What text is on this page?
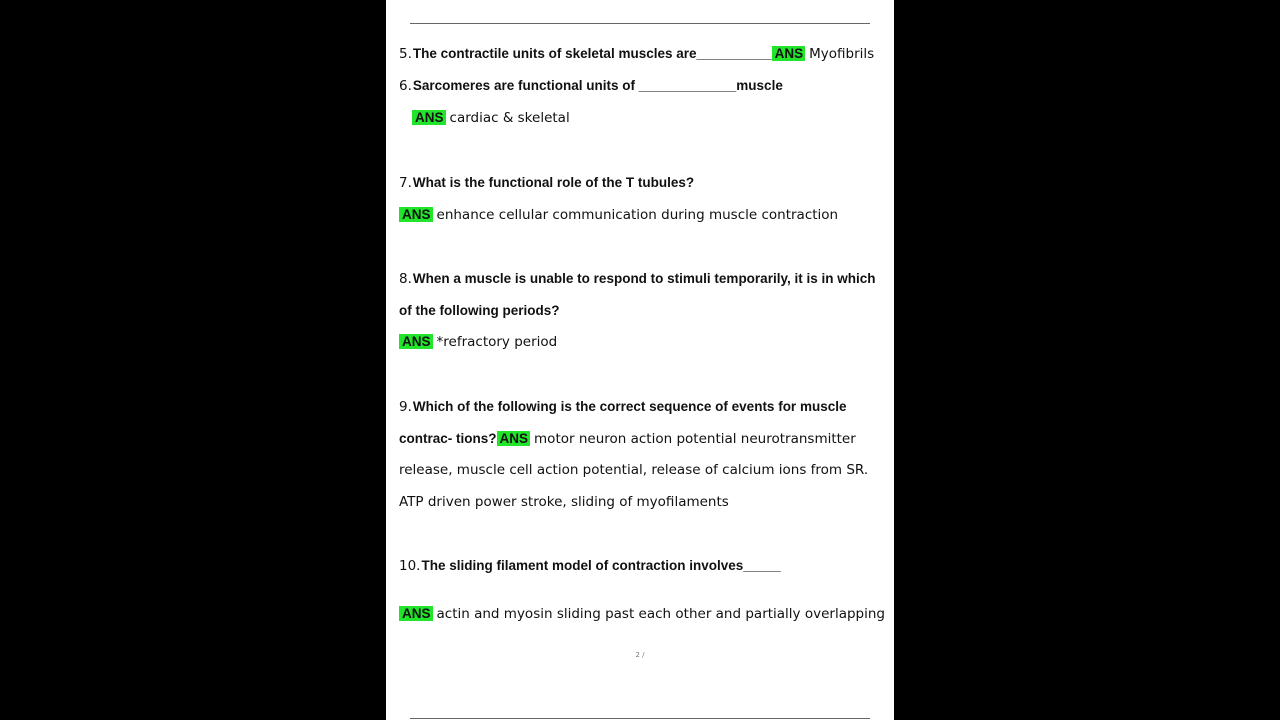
5.The contractile units of skeletal muscles are__________ ANS Myofibrils
6.Sarcomeres are functional units of _____________muscle
ANS cardiac & skeletal
7.What is the functional role of the T tubules?
ANS enhance cellular communication during muscle contraction
8.When a muscle is unable to respond to stimuli temporarily, it is in which
of the following periods?
ANS *refractory period
9.Which of the following is the correct sequence of events for muscle
contrac- tions? ANS motor neuron action potential neurotransmitter
release, muscle cell action potential, release of calcium ions from SR.
ATP driven power stroke, sliding of myofilaments
10.The sliding filament model of contraction involves_____
ANS actin and myosin sliding past each other and partially overlapping
2 /
